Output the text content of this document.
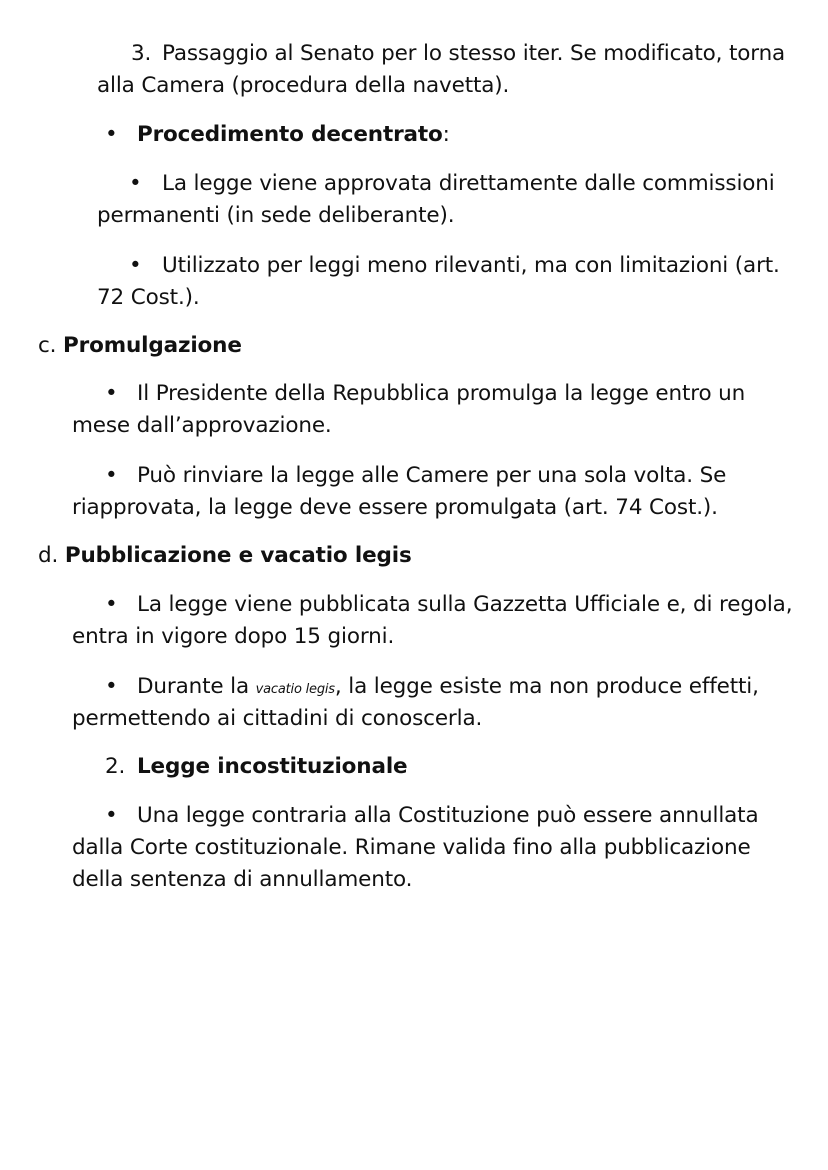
3. Passaggio al Senato per lo stesso iter. Se modificato, torna
alla Camera (procedura della navetta).
• Procedimento decentrato:
• La legge viene approvata direttamente dalle commissioni
permanenti (in sede deliberante).
• Utilizzato per leggi meno rilevanti, ma con limitazioni (art.
72 Cost.).
c. Promulgazione
• Il Presidente della Repubblica promulga la legge entro un
mese dall’approvazione.
• Può rinviare la legge alle Camere per una sola volta. Se
riapprovata, la legge deve essere promulgata (art. 74 Cost.).
d. Pubblicazione e vacatio legis
• La legge viene pubblicata sulla Gazzetta Ufficiale e, di regola,
entra in vigore dopo 15 giorni.
• Durante la vacatio legis, la legge esiste ma non produce effetti,
permettendo ai cittadini di conoscerla.
2. Legge incostituzionale
• Una legge contraria alla Costituzione può essere annullata
dalla Corte costituzionale. Rimane valida fino alla pubblicazione
della sentenza di annullamento.
